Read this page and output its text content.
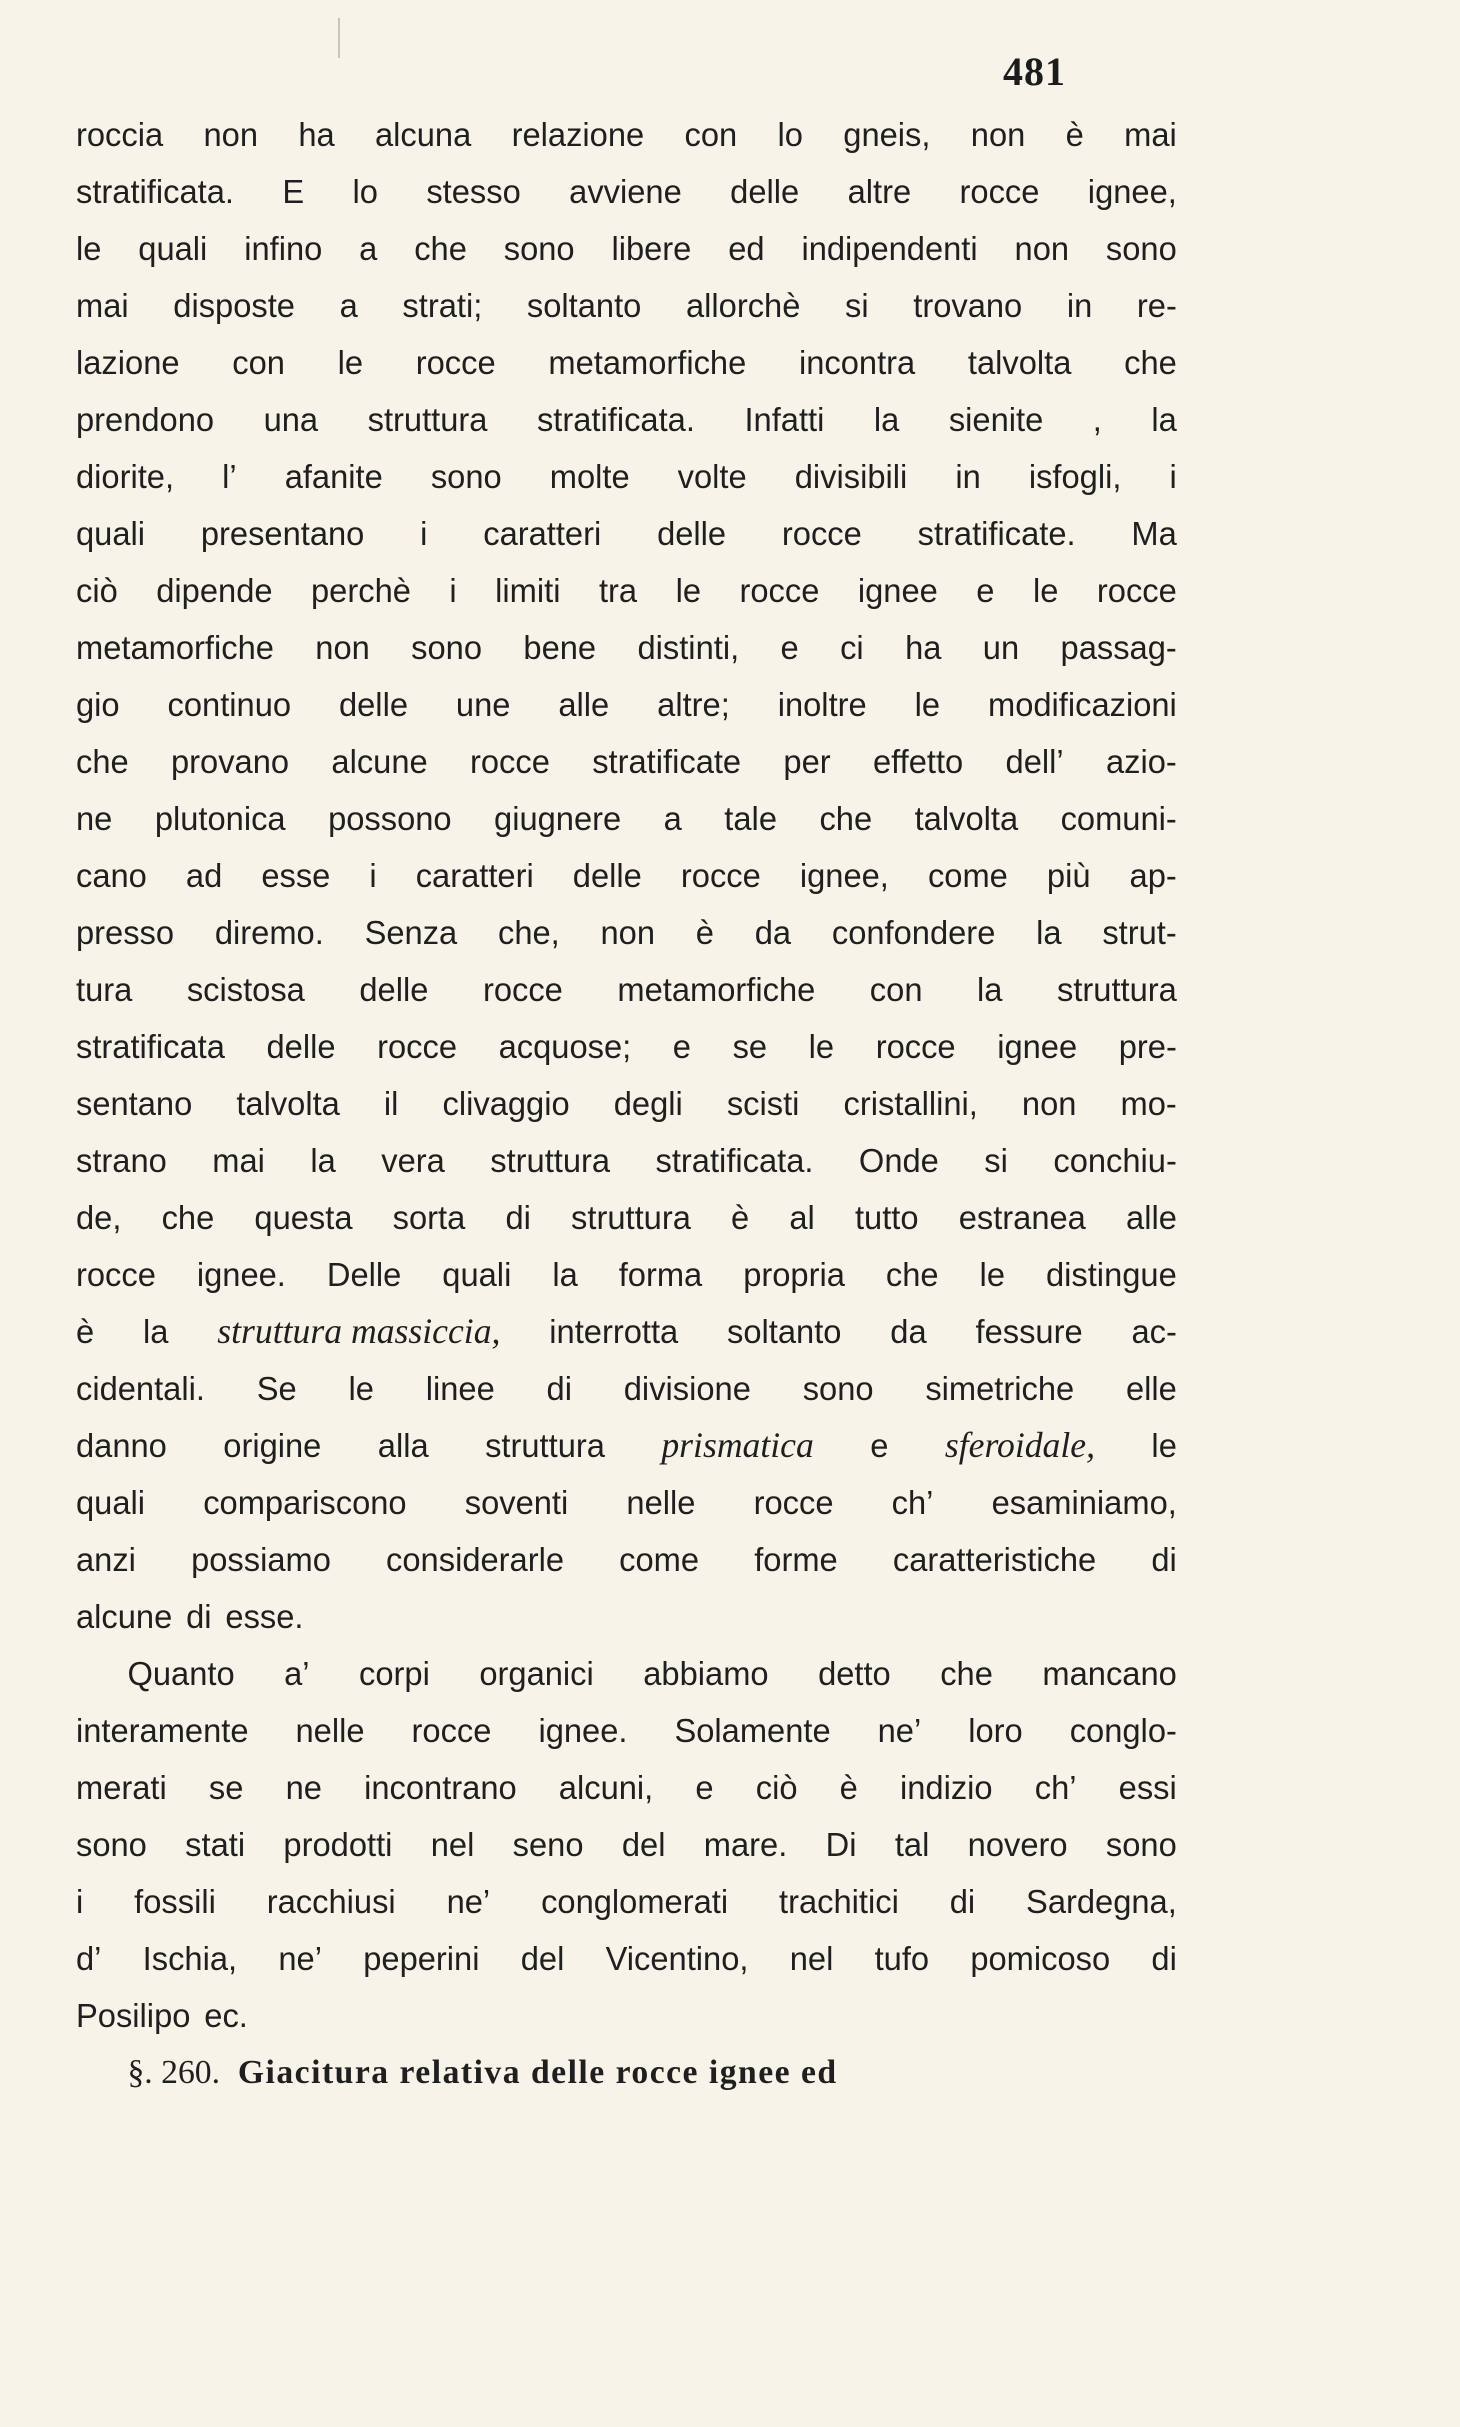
481
roccia non ha alcuna relazione con lo gneis, non è mai
stratificata. E lo stesso avviene delle altre rocce ignee,
le quali infino a che sono libere ed indipendenti non sono
mai disposte a strati; soltanto allorchè si trovano in re-
lazione con le rocce metamorfiche incontra talvolta che
prendono una struttura stratificata. Infatti la sienite , la
diorite, l’ afanite sono molte volte divisibili in isfogli, i
quali presentano i caratteri delle rocce stratificate. Ma
ciò dipende perchè i limiti tra le rocce ignee e le rocce
metamorfiche non sono bene distinti, e ci ha un passag-
gio continuo delle une alle altre; inoltre le modificazioni
che provano alcune rocce stratificate per effetto dell’ azio-
ne plutonica possono giugnere a tale che talvolta comuni-
cano ad esse i caratteri delle rocce ignee, come più ap-
presso diremo. Senza che, non è da confondere la strut-
tura scistosa delle rocce metamorfiche con la struttura
stratificata delle rocce acquose; e se le rocce ignee pre-
sentano talvolta il clivaggio degli scisti cristallini, non mo-
strano mai la vera struttura stratificata. Onde si conchiu-
de, che questa sorta di struttura è al tutto estranea alle
rocce ignee. Delle quali la forma propria che le distingue
è la struttura massiccia, interrotta soltanto da fessure ac-
cidentali. Se le linee di divisione sono simetriche elle
danno origine alla struttura prismatica e sferoidale, le
quali compariscono soventi nelle rocce ch’ esaminiamo,
anzi possiamo considerarle come forme caratteristiche di
alcune di esse.
Quanto a’ corpi organici abbiamo detto che mancano
interamente nelle rocce ignee. Solamente ne’ loro conglo-
merati se ne incontrano alcuni, e ciò è indizio ch’ essi
sono stati prodotti nel seno del mare. Di tal novero sono
i fossili racchiusi ne’ conglomerati trachitici di Sardegna,
d’ Ischia, ne’ peperini del Vicentino, nel tufo pomicoso di
Posilipo ec.
§. 260. Giacitura relativa delle rocce ignee ed
